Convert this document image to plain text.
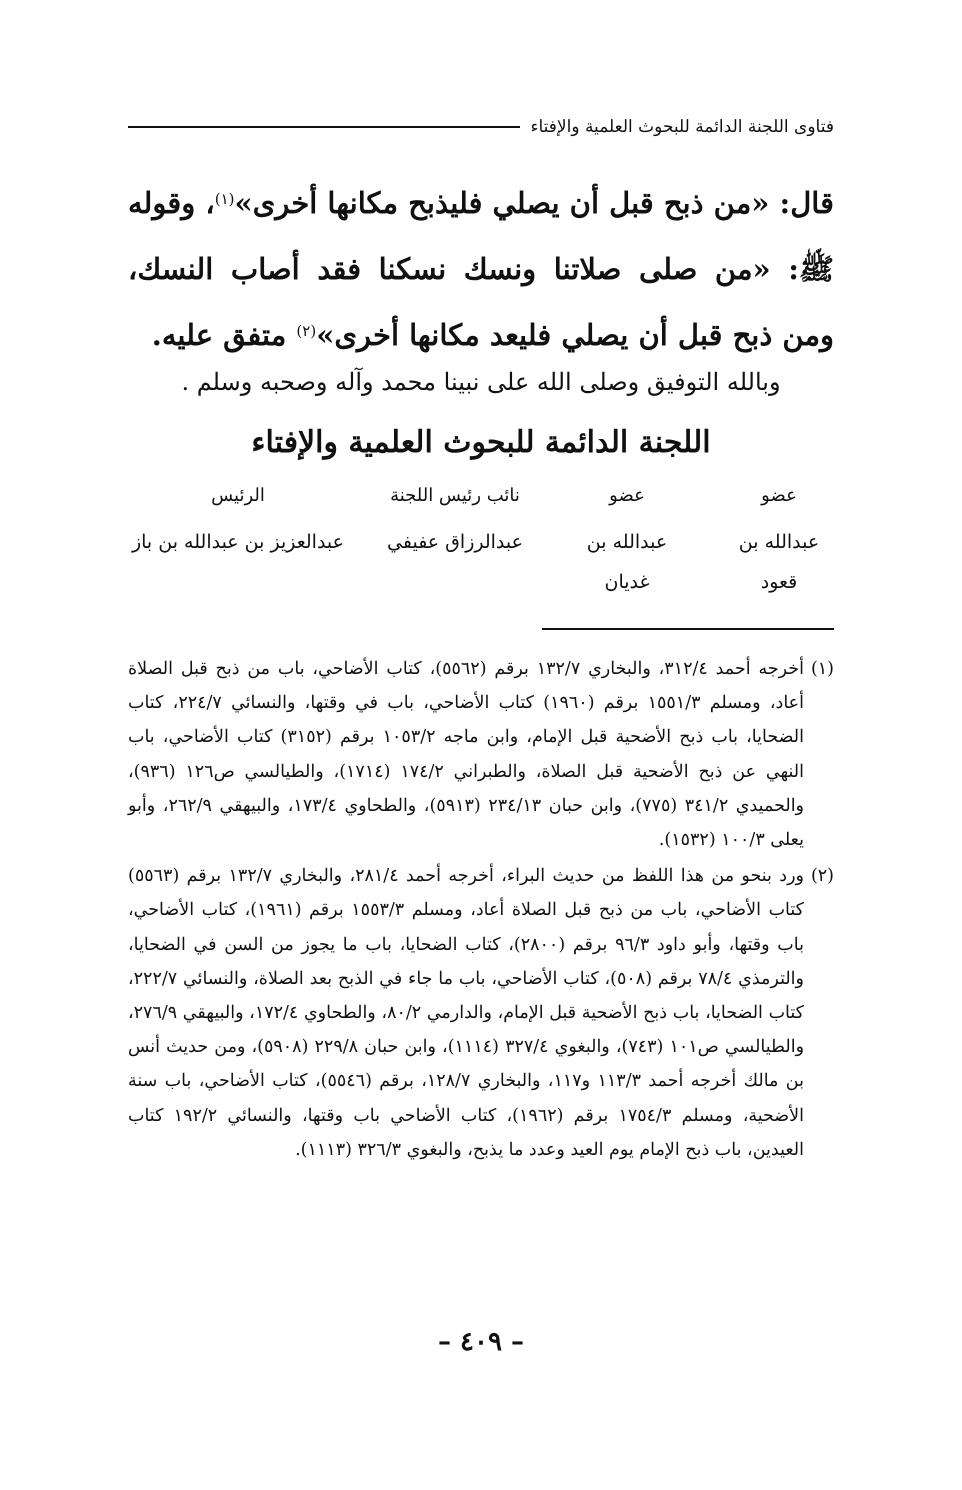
فتاوى اللجنة الدائمة للبحوث العلمية والإفتاء

قال: «من ذبح قبل أن يصلي فليذبح مكانها أخرى»$^{(١)}$، وقوله ﷺ: «من صلى صلاتنا ونسك نسكنا فقد أصاب النسك، ومن ذبح قبل أن يصلي فليعد مكانها أخرى»$^{(٢)}$ متفق عليه.

وبالله التوفيق وصلى الله على نبينا محمد وآله وصحبه وسلم .
اللجنة الدائمة للبحوث العلمية والإفتاء
عضو
عضو
نائب رئيس اللجنة
الرئيس
عبدالله بن قعود
عبدالله بن غديان
عبدالرزاق عفيفي
عبدالعزيز بن عبدالله بن باز
(١)
أخرجه أحمد ٣١٢/٤، والبخاري ١٣٢/٧ برقم (٥٥٦٢)، كتاب الأضاحي، باب من ذبح قبل الصلاة أعاد، ومسلم ١٥٥١/٣ برقم (١٩٦٠) كتاب الأضاحي، باب في وقتها، والنسائي ٢٢٤/٧، كتاب الضحايا، باب ذبح الأضحية قبل الإمام، وابن ماجه ١٠٥٣/٢ برقم (٣١٥٢) كتاب الأضاحي، باب النهي عن ذبح الأضحية قبل الصلاة، والطبراني ١٧٤/٢ (١٧١٤)، والطيالسي ص١٢٦ (٩٣٦)، والحميدي ٣٤١/٢ (٧٧٥)، وابن حبان ٢٣٤/١٣ (٥٩١٣)، والطحاوي ١٧٣/٤، والبيهقي ٢٦٢/٩، وأبو يعلى ١٠٠/٣ (١٥٣٢).
(٢)
ورد بنحو من هذا اللفظ من حديث البراء، أخرجه أحمد ٢٨١/٤، والبخاري ١٣٢/٧ برقم (٥٥٦٣) كتاب الأضاحي، باب من ذبح قبل الصلاة أعاد، ومسلم ١٥٥٣/٣ برقم (١٩٦١)، كتاب الأضاحي، باب وقتها، وأبو داود ٩٦/٣ برقم (٢٨٠٠)، كتاب الضحايا، باب ما يجوز من السن في الضحايا، والترمذي ٧٨/٤ برقم (٥٠٨)، كتاب الأضاحي، باب ما جاء في الذبح بعد الصلاة، والنسائي ٢٢٢/٧، كتاب الضحايا، باب ذبح الأضحية قبل الإمام، والدارمي ٨٠/٢، والطحاوي ١٧٢/٤، والبيهقي ٢٧٦/٩، والطيالسي ص١٠١ (٧٤٣)، والبغوي ٣٢٧/٤ (١١١٤)، وابن حبان ٢٢٩/٨ (٥٩٠٨)، ومن حديث أنس بن مالك أخرجه أحمد ١١٣/٣ و١١٧، والبخاري ١٢٨/٧، برقم (٥٥٤٦)، كتاب الأضاحي، باب سنة الأضحية، ومسلم ١٧٥٤/٣ برقم (١٩٦٢)، كتاب الأضاحي باب وقتها، والنسائي ١٩٢/٢ كتاب العيدين، باب ذبح الإمام يوم العيد وعدد ما يذبح، والبغوي ٣٢٦/٣ (١١١٣).
– ٤٠٩ –
